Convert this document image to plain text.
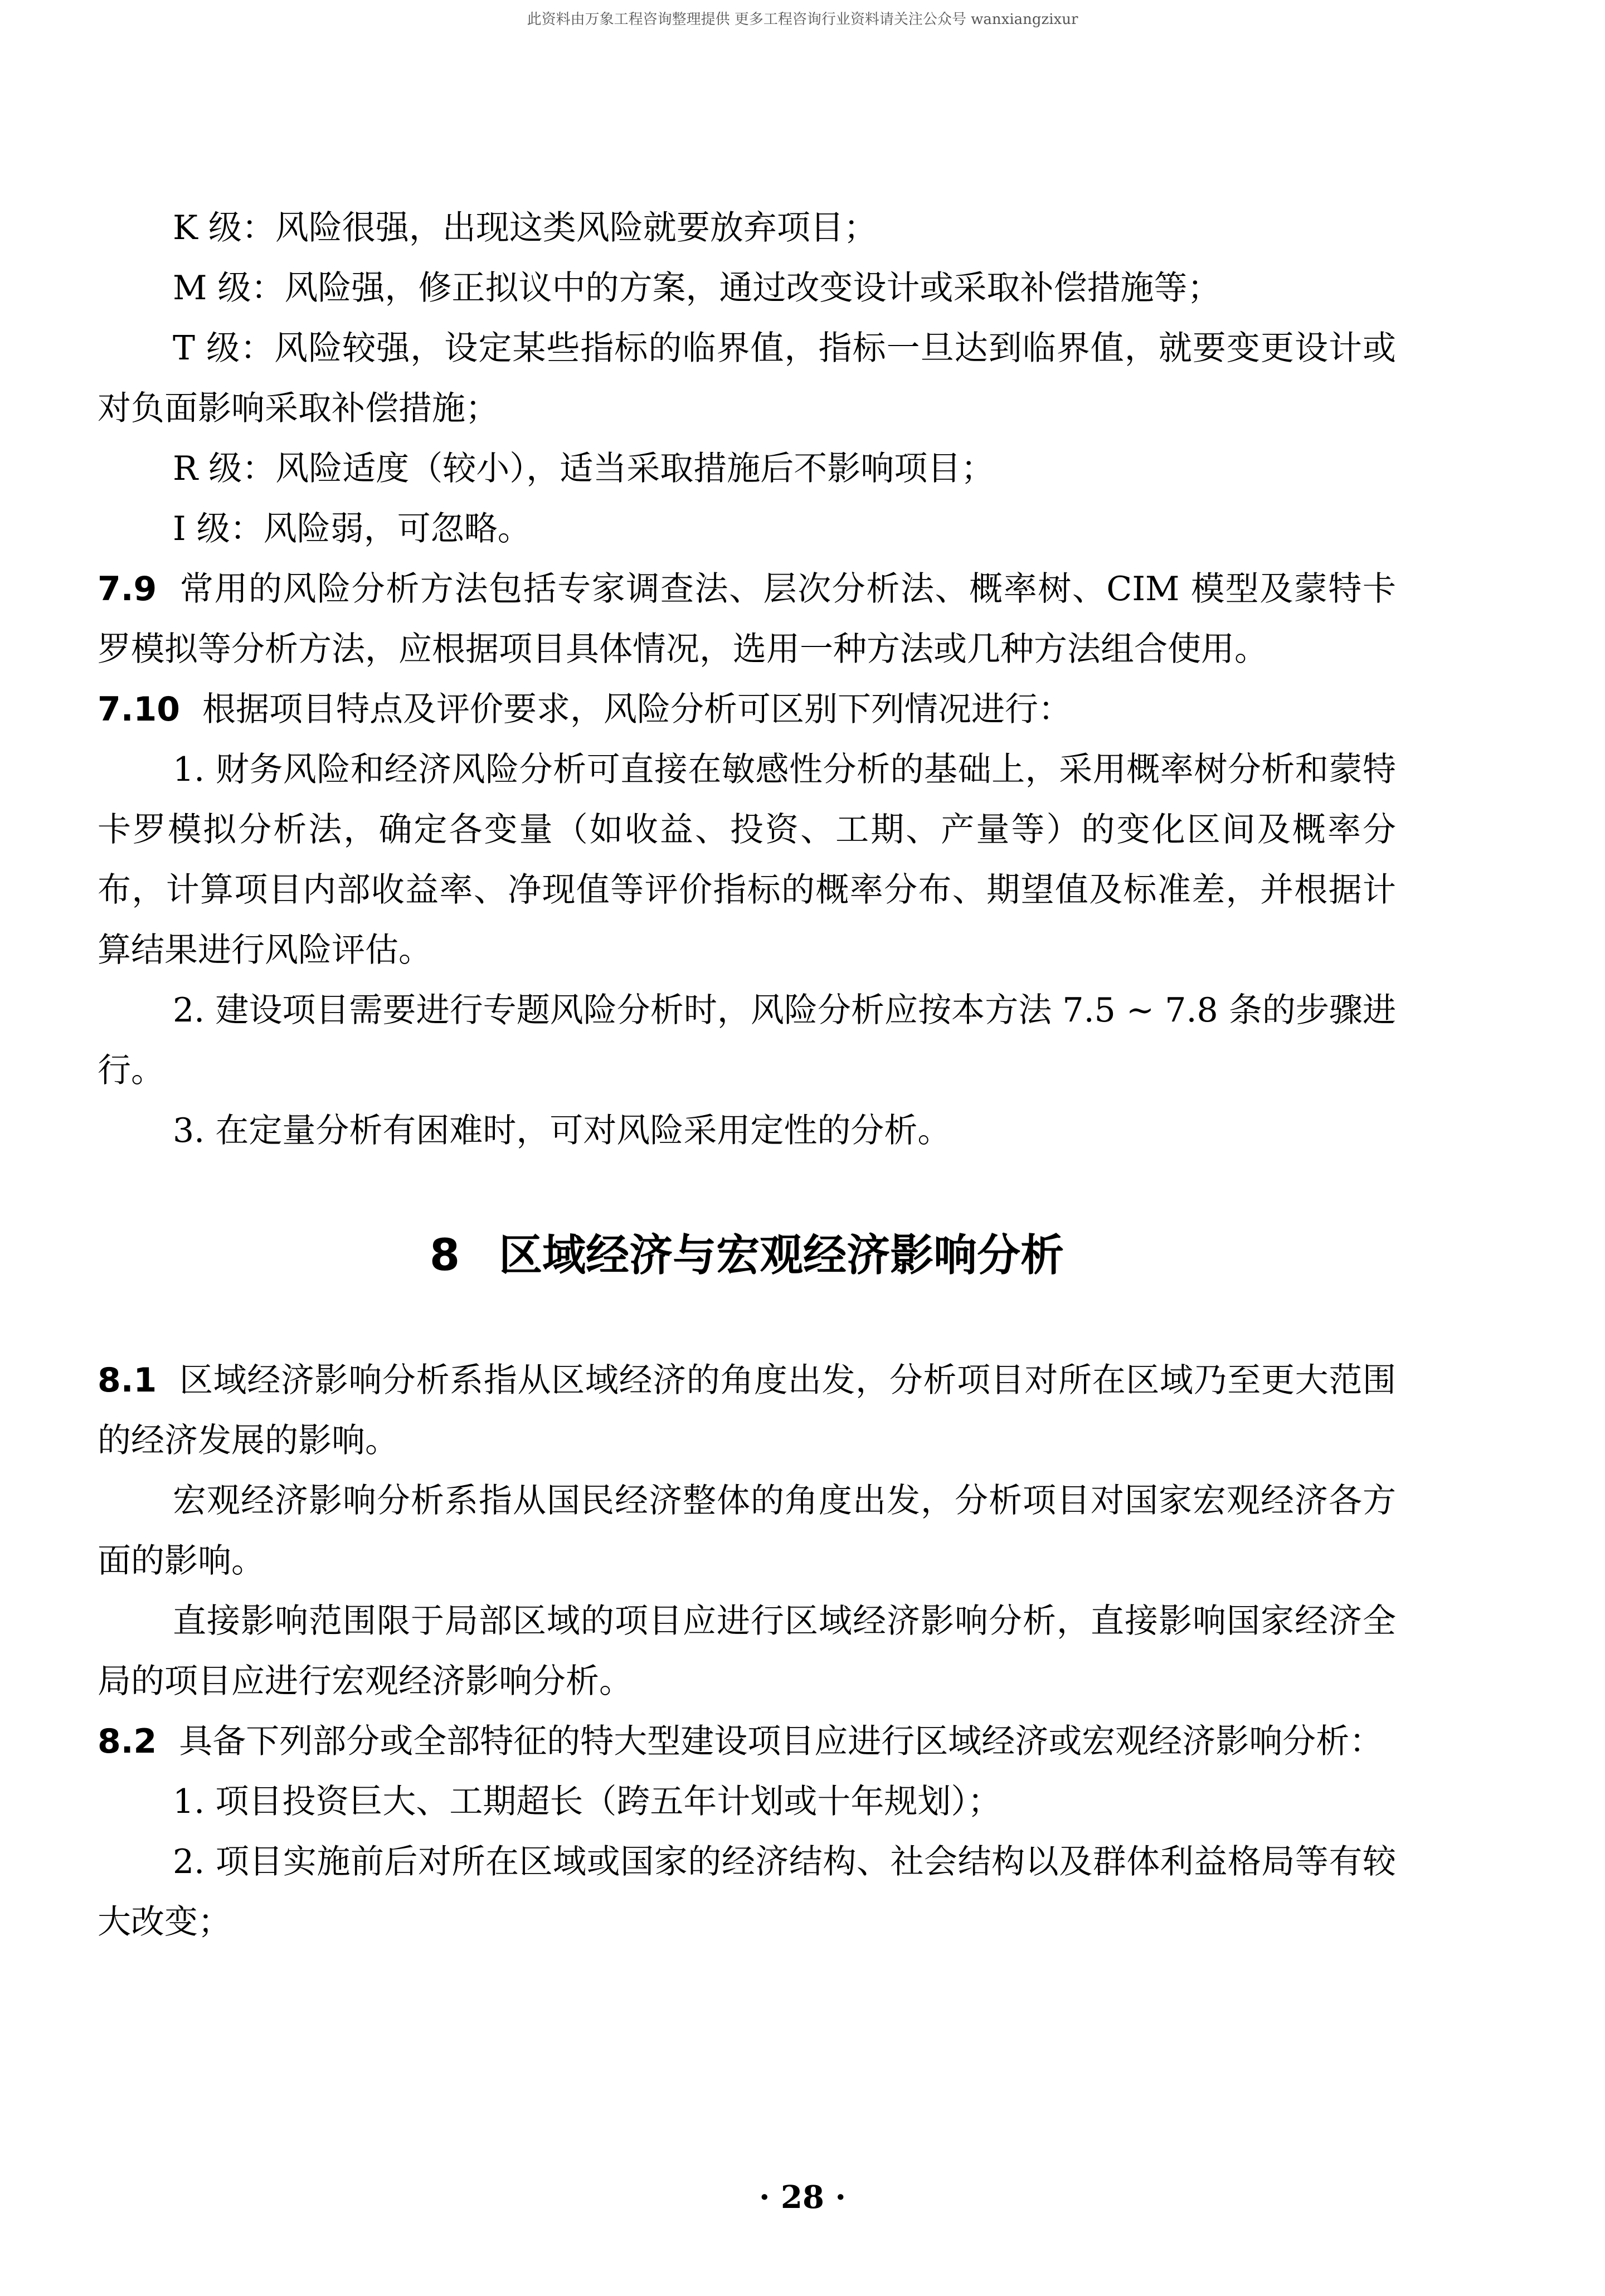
此资料由万象工程咨询整理提供 更多工程咨询行业资料请关注公众号 wanxiangzixur

K 级：风险很强，出现这类风险就要放弃项目；

M 级：风险强，修正拟议中的方案，通过改变设计或采取补偿措施等；

T 级：风险较强，设定某些指标的临界值，指标一旦达到临界值，就要变更设计或对负面影响采取补偿措施；

R 级：风险适度（较小），适当采取措施后不影响项目；

I 级：风险弱，可忽略。

7.9 常用的风险分析方法包括专家调查法、层次分析法、概率树、CIM 模型及蒙特卡罗模拟等分析方法，应根据项目具体情况，选用一种方法或几种方法组合使用。

7.10 根据项目特点及评价要求，风险分析可区别下列情况进行：

1. 财务风险和经济风险分析可直接在敏感性分析的基础上，采用概率树分析和蒙特卡罗模拟分析法，确定各变量（如收益、投资、工期、产量等）的变化区间及概率分布，计算项目内部收益率、净现值等评价指标的概率分布、期望值及标准差，并根据计算结果进行风险评估。

2. 建设项目需要进行专题风险分析时，风险分析应按本方法 7.5 ~ 7.8 条的步骤进行。

3. 在定量分析有困难时，可对风险采用定性的分析。

8 区域经济与宏观经济影响分析

8.1 区域经济影响分析系指从区域经济的角度出发，分析项目对所在区域乃至更大范围的经济发展的影响。

宏观经济影响分析系指从国民经济整体的角度出发，分析项目对国家宏观经济各方面的影响。

直接影响范围限于局部区域的项目应进行区域经济影响分析，直接影响国家经济全局的项目应进行宏观经济影响分析。

8.2 具备下列部分或全部特征的特大型建设项目应进行区域经济或宏观经济影响分析：

1. 项目投资巨大、工期超长（跨五年计划或十年规划）；

2. 项目实施前后对所在区域或国家的经济结构、社会结构以及群体利益格局等有较大改变；

· 28 ·
